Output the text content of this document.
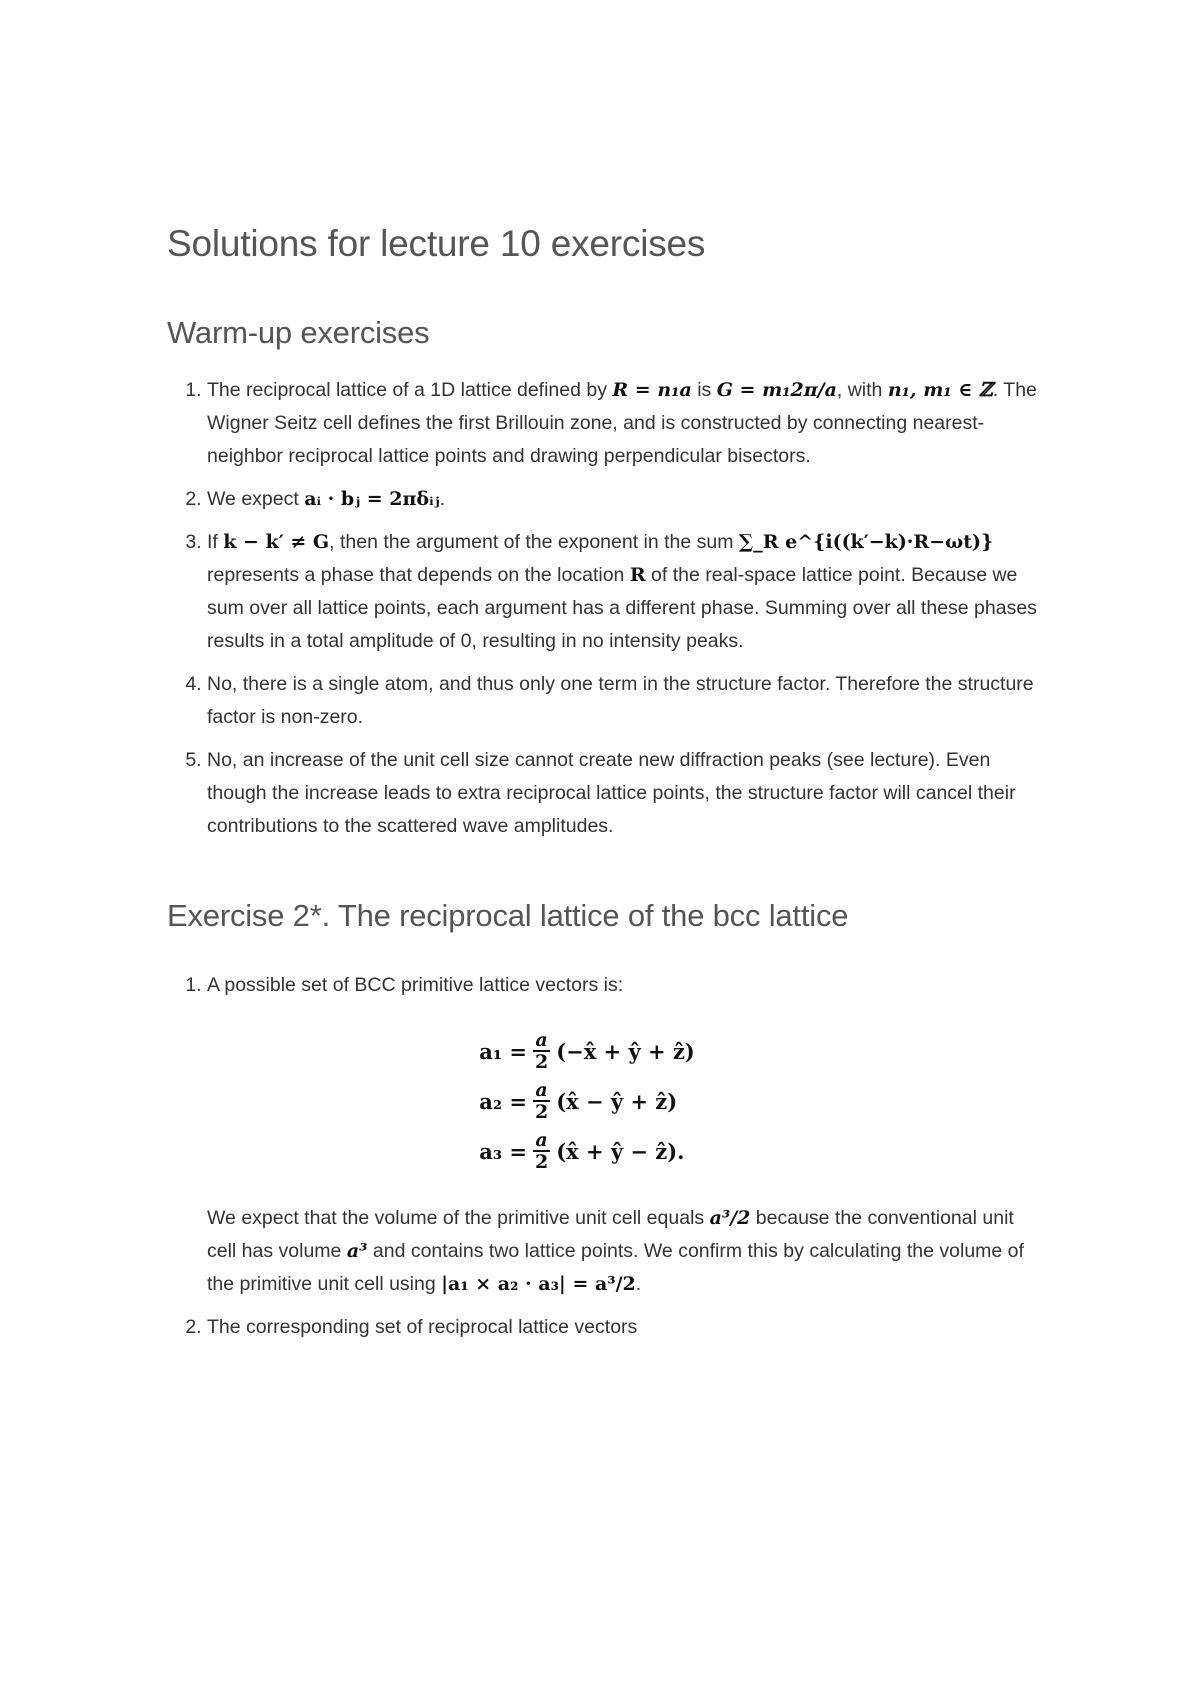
Solutions for lecture 10 exercises
Warm-up exercises
1. The reciprocal lattice of a 1D lattice defined by R = n₁a is G = m₁2π/a, with n₁, m₁ ∈ ℤ. The Wigner Seitz cell defines the first Brillouin zone, and is constructed by connecting nearest-neighbor reciprocal lattice points and drawing perpendicular bisectors.
2. We expect aᵢ · bⱼ = 2πδᵢⱼ.
3. If k − k′ ≠ G, then the argument of the exponent in the sum ∑_R e^{i((k′−k)·R−ωt)} represents a phase that depends on the location R of the real-space lattice point. Because we sum over all lattice points, each argument has a different phase. Summing over all these phases results in a total amplitude of 0, resulting in no intensity peaks.
4. No, there is a single atom, and thus only one term in the structure factor. Therefore the structure factor is non-zero.
5. No, an increase of the unit cell size cannot create new diffraction peaks (see lecture). Even though the increase leads to extra reciprocal lattice points, the structure factor will cancel their contributions to the scattered wave amplitudes.
Exercise 2*. The reciprocal lattice of the bcc lattice
1. A possible set of BCC primitive lattice vectors is:
$a_1 = \frac{a}{2}$ (−x̂ + ŷ + ẑ)
$a_2 = \frac{a}{2}$ (x̂ − ŷ + ẑ)
$a_3 = \frac{a}{2}$ (x̂ + ŷ − ẑ).
We expect that the volume of the primitive unit cell equals a³/2 because the conventional unit cell has volume a³ and contains two lattice points. We confirm this by calculating the volume of the primitive unit cell using |a₁ × a₂ · a₃| = a³/2.
2. The corresponding set of reciprocal lattice vectors
